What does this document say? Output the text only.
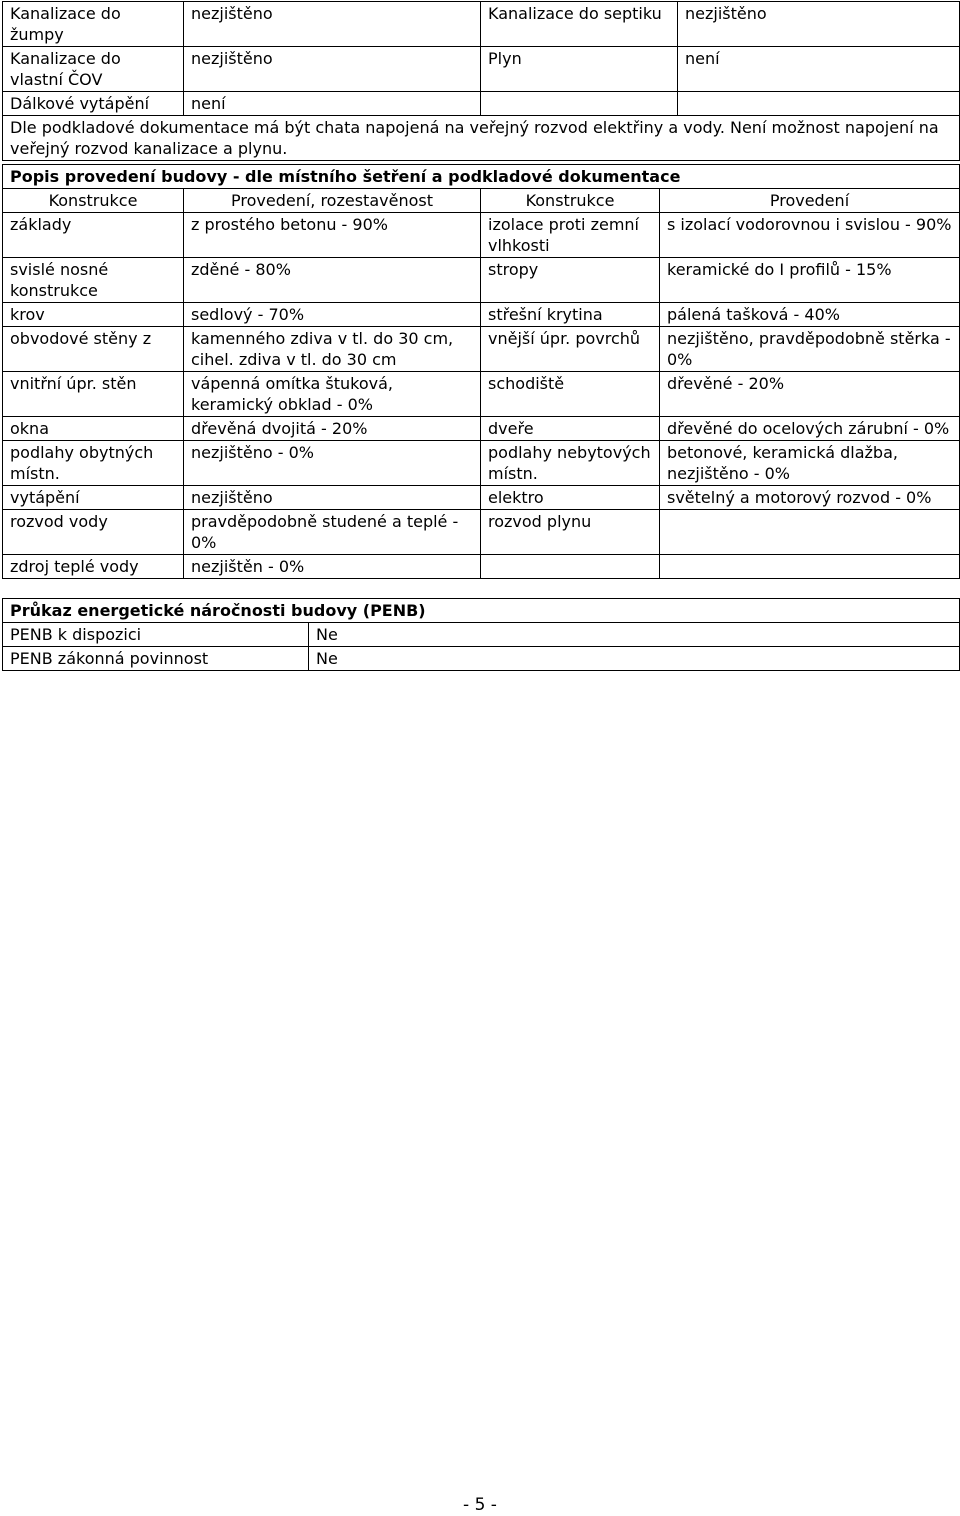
Kanalizace do žumpy	nezjištěno	Kanalizace do septiku	nezjištěno
Kanalizace do vlastní ČOV	nezjištěno	Plyn	není
Dálkové vytápění	není		
Dle podkladové dokumentace má být chata napojená na veřejný rozvod elektřiny a vody. Není možnost napojení na veřejný rozvod kanalizace a plynu.			
Popis provedení budovy - dle místního šetření a podkladové dokumentace			
Konstrukce	Provedení, rozestavěnost	Konstrukce	Provedení
základy	z prostého betonu - 90%	izolace proti zemní vlhkosti	s izolací vodorovnou i svislou - 90%
svislé nosné konstrukce	zděné - 80%	stropy	keramické do I profilů - 15%
krov	sedlový - 70%	střešní krytina	pálená tašková - 40%
obvodové stěny z	kamenného zdiva v tl. do 30 cm, cihel. zdiva v tl. do 30 cm	vnější úpr. povrchů	nezjištěno, pravděpodobně stěrka - 0%
vnitřní úpr. stěn	vápenná omítka štuková, keramický obklad - 0%	schodiště	dřevěné - 20%
okna	dřevěná dvojitá - 20%	dveře	dřevěné do ocelových zárubní - 0%
podlahy obytných místn.	nezjištěno - 0%	podlahy nebytových místn.	betonové, keramická dlažba, nezjištěno - 0%
vytápění	nezjištěno	elektro	světelný a motorový rozvod - 0%
rozvod vody	pravděpodobně studené a teplé - 0%	rozvod plynu	
zdroj teplé vody	nezjištěn - 0%		
Průkaz energetické náročnosti budovy (PENB)	
PENB k dispozici	Ne
PENB zákonná povinnost	Ne
- 5 -
